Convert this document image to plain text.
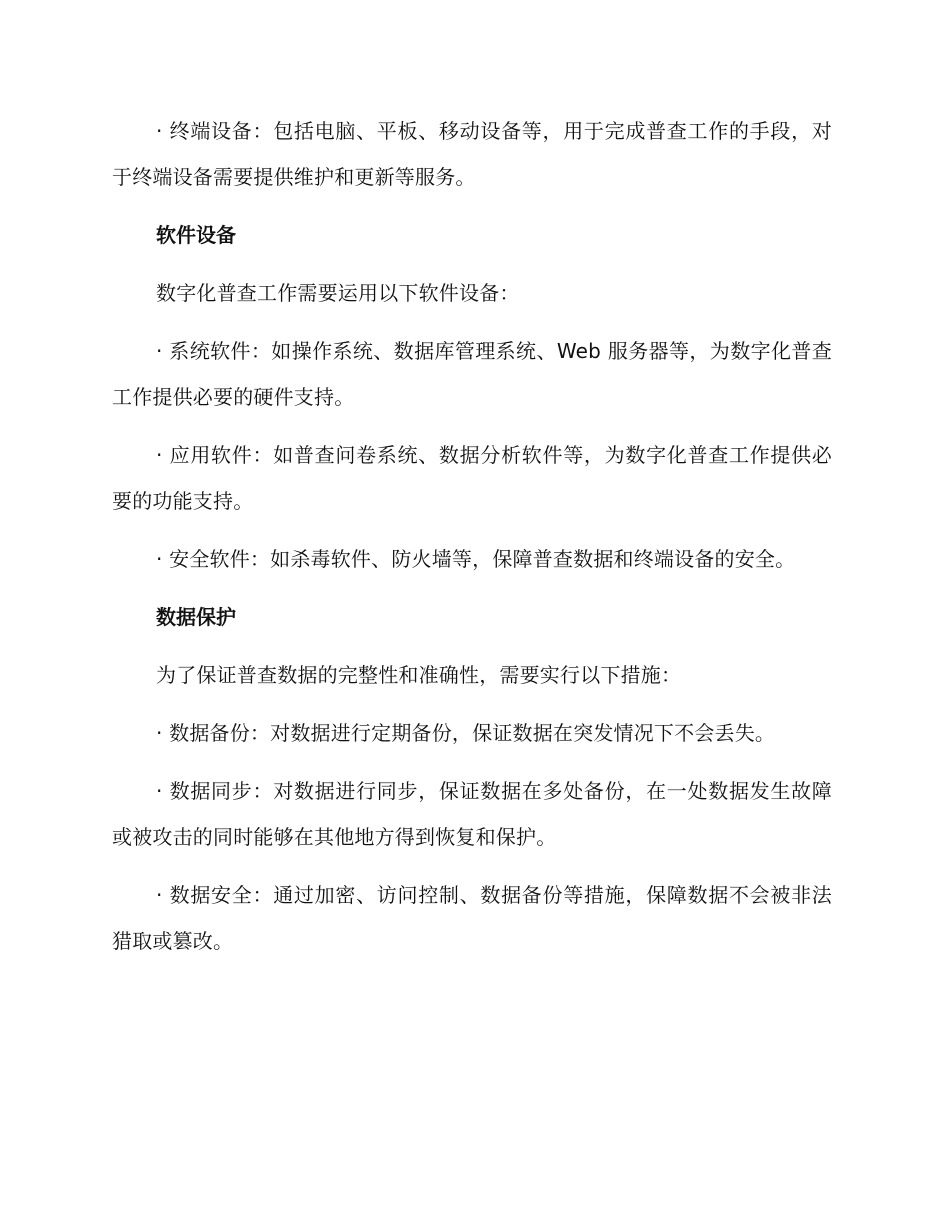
· 终端设备：包括电脑、平板、移动设备等，用于完成普查工作的手段，对于终端设备需要提供维护和更新等服务。

软件设备

数字化普查工作需要运用以下软件设备：

· 系统软件：如操作系统、数据库管理系统、Web 服务器等，为数字化普查工作提供必要的硬件支持。

· 应用软件：如普查问卷系统、数据分析软件等，为数字化普查工作提供必要的功能支持。

· 安全软件：如杀毒软件、防火墙等，保障普查数据和终端设备的安全。

数据保护

为了保证普查数据的完整性和准确性，需要实行以下措施：

· 数据备份：对数据进行定期备份，保证数据在突发情况下不会丢失。

· 数据同步：对数据进行同步，保证数据在多处备份，在一处数据发生故障或被攻击的同时能够在其他地方得到恢复和保护。

· 数据安全：通过加密、访问控制、数据备份等措施，保障数据不会被非法猎取或篡改。
